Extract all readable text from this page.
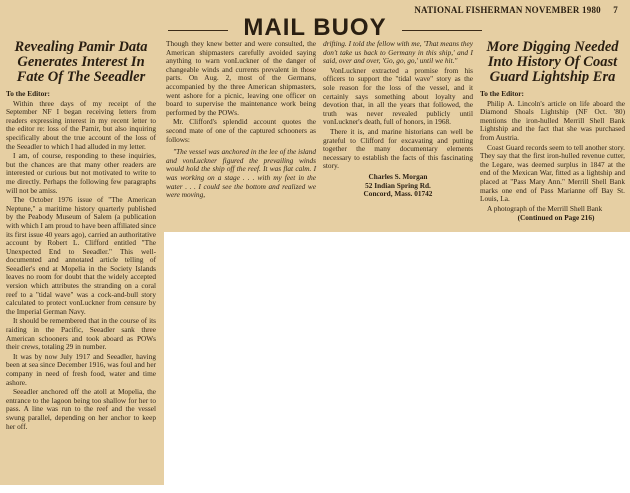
NATIONAL FISHERMAN NOVEMBER 1980 7
MAIL BUOY
Revealing Pamir Data Generates Interest In Fate Of The Seeadler
To the Editor:

Within three days of my receipt of the September NF I began receiving letters from readers expressing interest in my recent letter to the editor re: loss of the Pamir, but also inquiring specifically about the true account of the loss of the Seeadler to which I had alluded in my letter.

I am, of course, responding to these inquiries, but the chances are that many other readers are interested or curious but not motivated to write to me directly. Perhaps the following few paragraphs will not be amiss.

The October 1976 issue of "The American Neptune," a maritime history quarterly published by the Peabody Museum of Salem (a publication with which I am proud to have been affiliated since its first issue 40 years ago), carried an authoritative account by Robert L. Clifford entitled "The Unexpected End to Seeadler." This well-documented and annotated article telling of Seeadler's end at Mopelia in the Society Islands leaves no room for doubt that the widely accepted version which attributes the stranding on a coral reef to a "tidal wave" was a cock-and-bull story calculated to protect vonLuckner from censure by the Imperial German Navy.

It should be remembered that in the course of its raiding in the Pacific, Seeadler sank three American schooners and took aboard as POWs their crews, totaling 29 in number.

It was by now July 1917 and Seeadler, having been at sea since December 1916, was foul and her company in need of fresh food, water and time ashore.

Seeadler anchored off the atoll at Mopelia, the entrance to the lagoon being too shallow for her to pass. A line was run to the reef and the vessel swung parallel, depending on her anchor to keep her off.

Though they knew better and were consulted, the American shipmasters carefully avoided saying anything to warn vonLuckner of the danger of changeable winds and currents prevalent in those parts. On Aug. 2, most of the Germans, accompanied by the three American shipmasters, went ashore for a picnic, leaving one officer on board to supervise the maintenance work being performed by the POWs.

Mr. Clifford's splendid account quotes the second mate of one of the captured schooners as follows:

"The vessel was anchored in the lee of the island and vonLuckner figured the prevailing winds would hold the ship off the reef. It was flat calm. I was working on a stage . . . with my feet in the water . . . I could see the bottom and realized we were moving,

drifting. I told the fellow with me, 'That means they don't take us back to Germany in this ship,' and I said, over and over, 'Go, go, go,' until we hit."

VonLuckner extracted a promise from his officers to support the "tidal wave" story as the sole reason for the loss of the vessel, and it certainly says something about loyalty and devotion that, in all the years that followed, the truth was never revealed publicly until vonLuckner's death, full of honors, in 1968.

There it is, and marine historians can well be grateful to Clifford for excavating and putting together the many documentary elements necessary to establish the facts of this fascinating story.

Charles S. Morgan

52 Indian Spring Rd.

Concord, Mass. 01742

More Digging Needed Into History Of Coast Guard Lightship Era
To the Editor:

Philip A. Lincoln's article on life aboard the Diamond Shoals Lightship (NF Oct. '80) mentions the iron-hulled Merrill Shell Bank Lightship and the fact that she was purchased from Austria.

Coast Guard records seem to tell another story. They say that the first iron-hulled revenue cutter, the Legare, was deemed surplus in 1847 at the end of the Mexican War, fitted as a lightship and placed at "Pass Mary Ann." Merrill Shell Bank marks one end of Pass Marianne off Bay St. Louis, La.

A photograph of the Merrill Shell Bank

(Continued on Page 216)
